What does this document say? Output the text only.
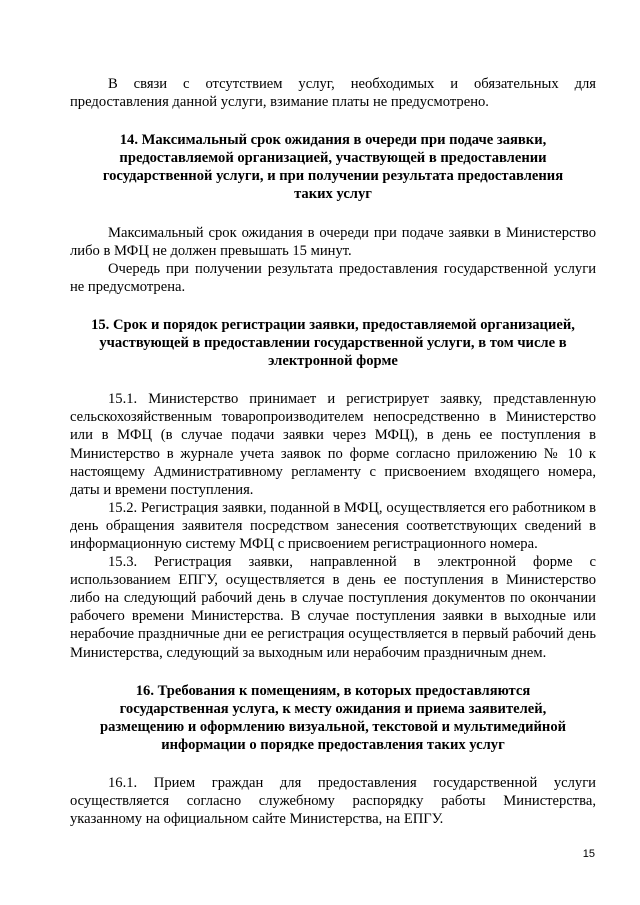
В связи с отсутствием услуг, необходимых и обязательных для предоставления данной услуги, взимание платы не предусмотрено.

14. Максимальный срок ожидания в очереди при подаче заявки, предоставляемой организацией, участвующей в предоставлении государственной услуги, и при получении результата предоставления таких услуг

Максимальный срок ожидания в очереди при подаче заявки в Министерство либо в МФЦ не должен превышать 15 минут.

Очередь при получении результата предоставления государственной услуги не предусмотрена.

15. Срок и порядок регистрации заявки, предоставляемой организацией, участвующей в предоставлении государственной услуги, в том числе в электронной форме

15.1. Министерство принимает и регистрирует заявку, представленную сельскохозяйственным товаропроизводителем непосредственно в Министерство или в МФЦ (в случае подачи заявки через МФЦ), в день ее поступления в Министерство в журнале учета заявок по форме согласно приложению № 10 к настоящему Административному регламенту с присвоением входящего номера, даты и времени поступления.

15.2. Регистрация заявки, поданной в МФЦ, осуществляется его работником в день обращения заявителя посредством занесения соответствующих сведений в информационную систему МФЦ с присвоением регистрационного номера.

15.3. Регистрация заявки, направленной в электронной форме с использованием ЕПГУ, осуществляется в день ее поступления в Министерство либо на следующий рабочий день в случае поступления документов по окончании рабочего времени Министерства. В случае поступления заявки в выходные или нерабочие праздничные дни ее регистрация осуществляется в первый рабочий день Министерства, следующий за выходным или нерабочим праздничным днем.

16. Требования к помещениям, в которых предоставляются государственная услуга, к месту ожидания и приема заявителей, размещению и оформлению визуальной, текстовой и мультимедийной информации о порядке предоставления таких услуг

16.1. Прием граждан для предоставления государственной услуги осуществляется согласно служебному распорядку работы Министерства, указанному на официальном сайте Министерства, на ЕПГУ.

15
